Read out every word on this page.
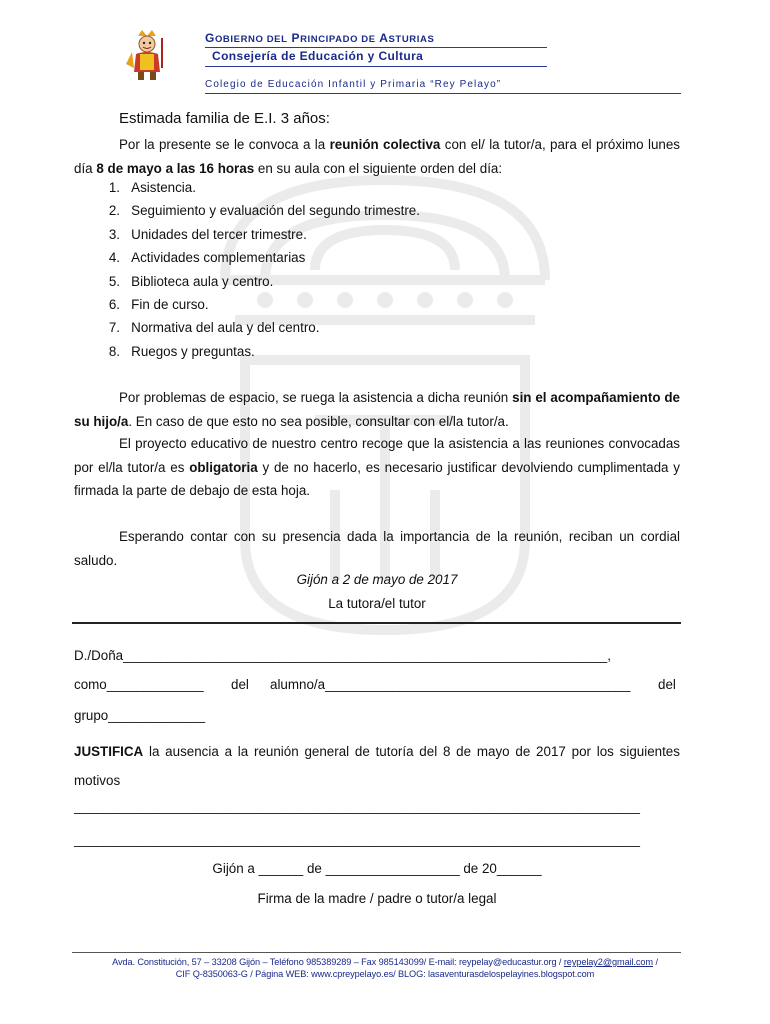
GOBIERNO DEL PRINCIPADO DE ASTURIAS
Consejería de Educación y Cultura
Colegio de Educación Infantil y Primaria “Rey Pelayo”
Estimada familia de E.I. 3 años:
Por la presente se le convoca a la reunión colectiva con el/ la tutor/a, para el próximo lunes día 8 de mayo a las 16 horas en su aula con el siguiente orden del día:
1. Asistencia.
2. Seguimiento y evaluación del segundo trimestre.
3. Unidades del tercer trimestre.
4. Actividades complementarias
5. Biblioteca aula y centro.
6. Fin de curso.
7. Normativa del aula y del centro.
8. Ruegos y preguntas.
Por problemas de espacio, se ruega la asistencia a dicha reunión sin el acompañamiento de su hijo/a. En caso de que esto no sea posible, consultar con el/la tutor/a.
El proyecto educativo de nuestro centro recoge que la asistencia a las reuniones convocadas por el/la tutor/a es obligatoria y de no hacerlo, es necesario justificar devolviendo cumplimentada y firmada la parte de debajo de esta hoja.
Esperando contar con su presencia dada la importancia de la reunión, reciban un cordial saludo.
Gijón a 2 de mayo de 2017
La tutora/el tutor
D./Doña_________________________________________________________________,
como_____________ del alumno/a_________________________________________ del
grupo_____________
JUSTIFICA la ausencia a la reunión general de tutoría del 8 de mayo de 2017 por los siguientes motivos
____________________________________________________________________________
____________________________________________________________________________
Gijón a ______ de __________________ de 20______
Firma de la madre / padre o tutor/a legal
Avda. Constitución, 57 – 33208 Gijón – Teléfono 985389289 – Fax 985143099/ E-mail: reypelay@educastur.org / reypelay2@gmail.com /
CIF Q-8350063-G / Página WEB: www.cpreypelayo.es/ BLOG: lasaventurasdelospelayines.blogspot.com
